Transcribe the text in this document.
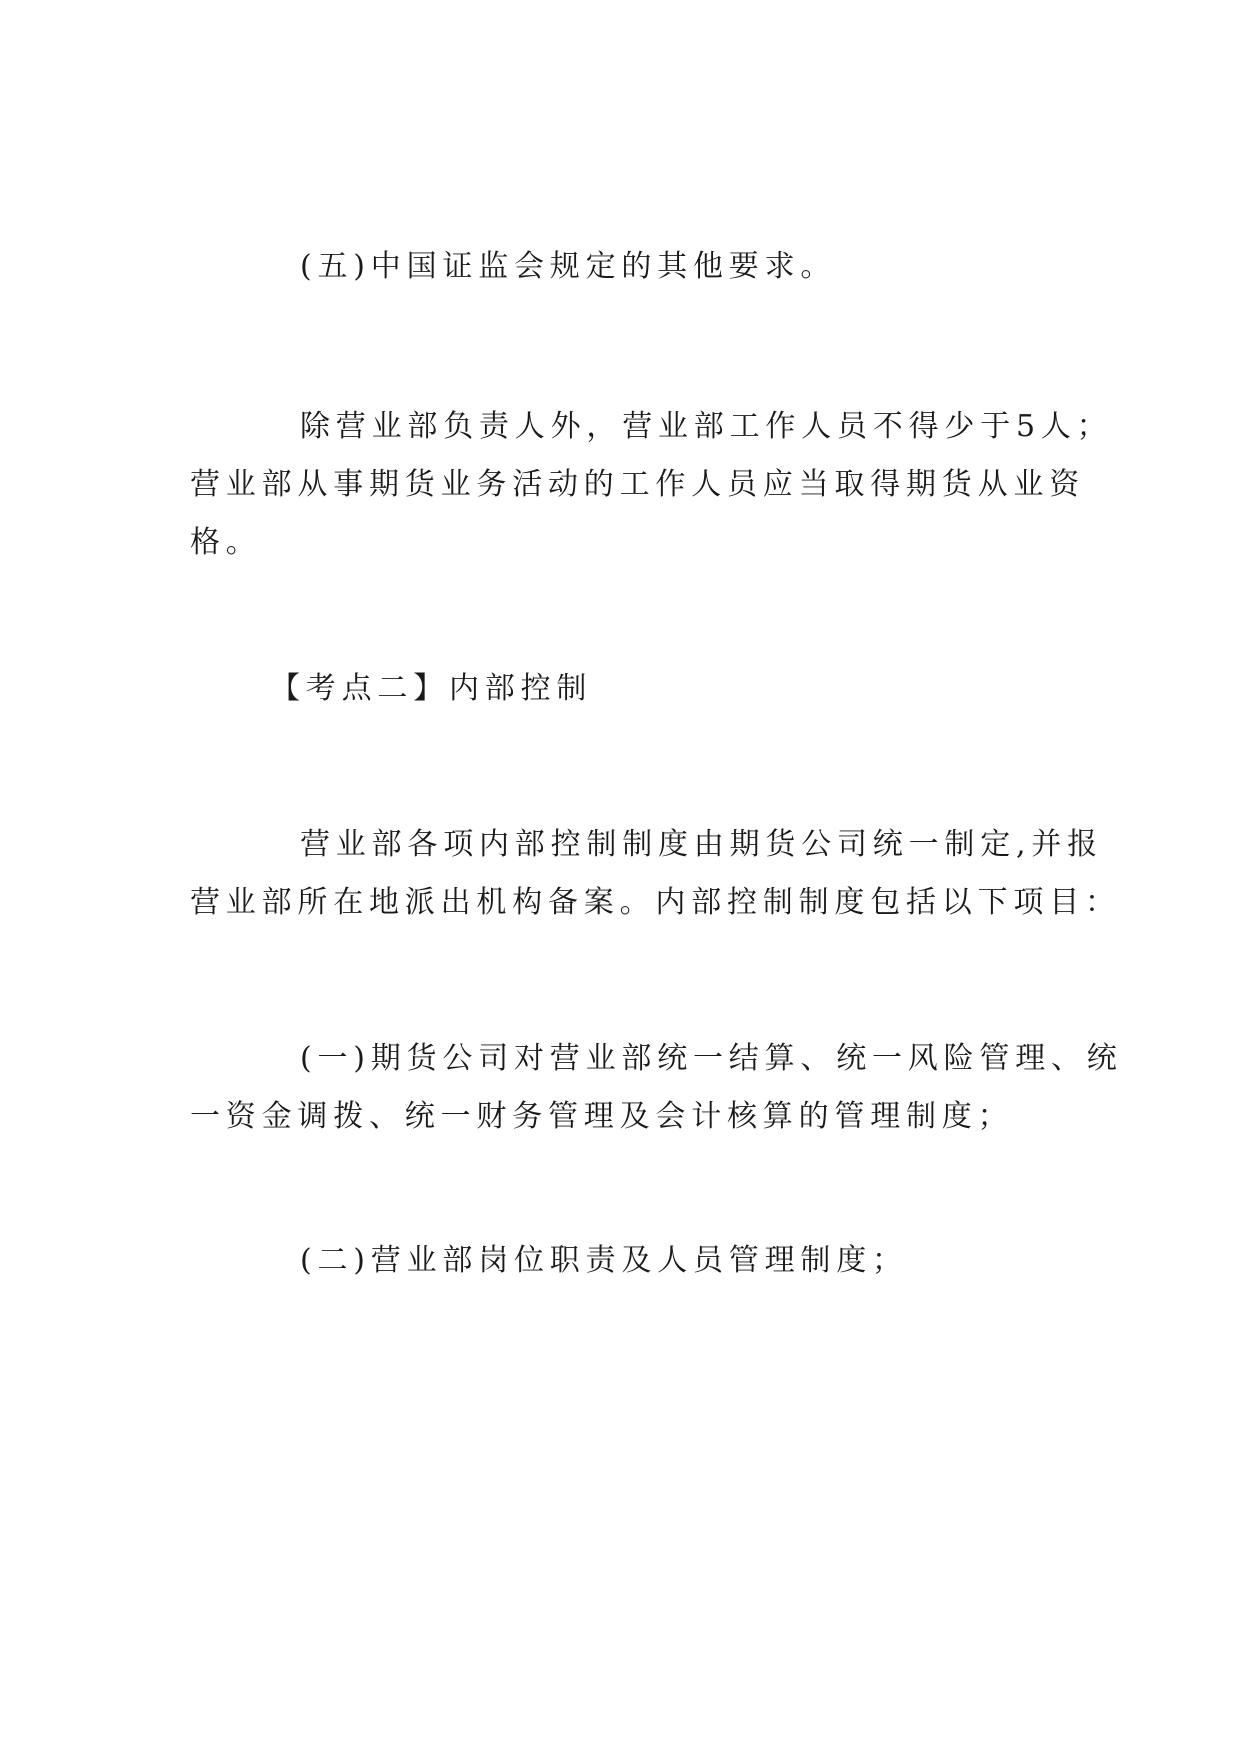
(五)中国证监会规定的其他要求。

除营业部负责人外，营业部工作人员不得少于5人；
营业部从事期货业务活动的工作人员应当取得期货从业资
格。

【考点二】内部控制

营业部各项内部控制制度由期货公司统一制定,并报
营业部所在地派出机构备案。内部控制制度包括以下项目：

(一)期货公司对营业部统一结算、统一风险管理、统
一资金调拨、统一财务管理及会计核算的管理制度；

(二)营业部岗位职责及人员管理制度；
